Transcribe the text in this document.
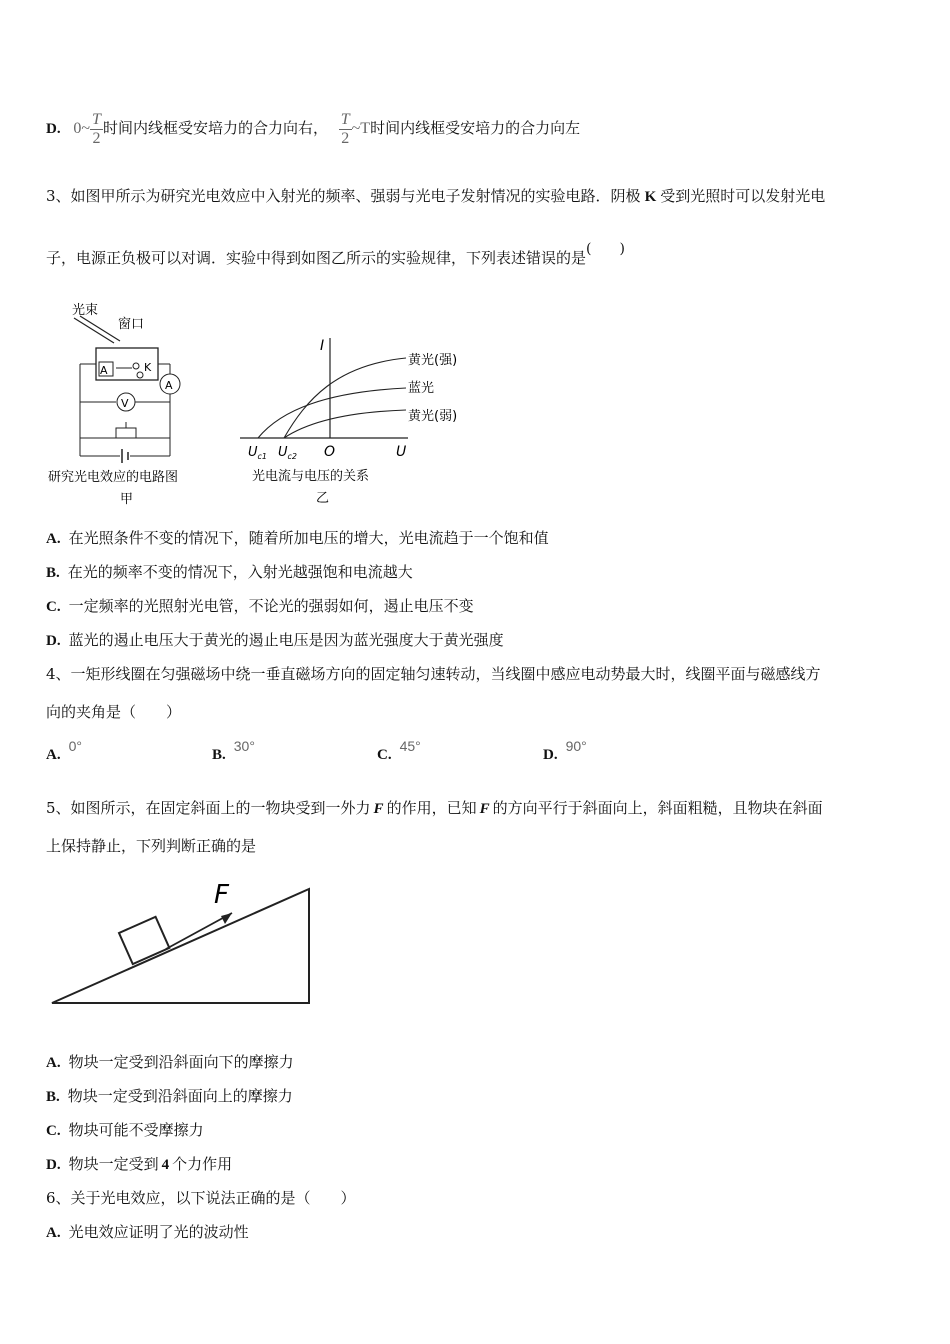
D. 0~ $\frac{T}{2}$ 时间内线框受安培力的合力向右， $\frac{T}{2}$ ~T时间内线框受安培力的合力向左
3、如图甲所示为研究光电效应中入射光的频率、强弱与光电子发射情况的实验电路．阴极 K 受到光照时可以发射光电
子，电源正负极可以对调．实验中得到如图乙所示的实验规律，下列表述错误的是(　　)
光束
窗口
A	K
A
V
研究光电效应的电路图
甲
I
U
O
$U_{c1}$ $U_{c2}$
黄光(强)
蓝光
黄光(弱)
光电流与电压的关系
乙
A. 在光照条件不变的情况下，随着所加电压的增大，光电流趋于一个饱和值
B. 在光的频率不变的情况下，入射光越强饱和电流越大
C. 一定频率的光照射光电管，不论光的强弱如何，遏止电压不变
D. 蓝光的遏止电压大于黄光的遏止电压是因为蓝光强度大于黄光强度
4、一矩形线圈在匀强磁场中绕一垂直磁场方向的固定轴匀速转动，当线圈中感应电动势最大时，线圈平面与磁感线方
向的夹角是（　　）
A.0°
B.30°
C.45°
D.90°
5、如图所示，在固定斜面上的一物块受到一外力 F 的作用，已知 F 的方向平行于斜面向上，斜面粗糙，且物块在斜面
上保持静止，下列判断正确的是
F
A. 物块一定受到沿斜面向下的摩擦力
B. 物块一定受到沿斜面向上的摩擦力
C. 物块可能不受摩擦力
D. 物块一定受到 4 个力作用
6、关于光电效应，以下说法正确的是（　　）
A. 光电效应证明了光的波动性
